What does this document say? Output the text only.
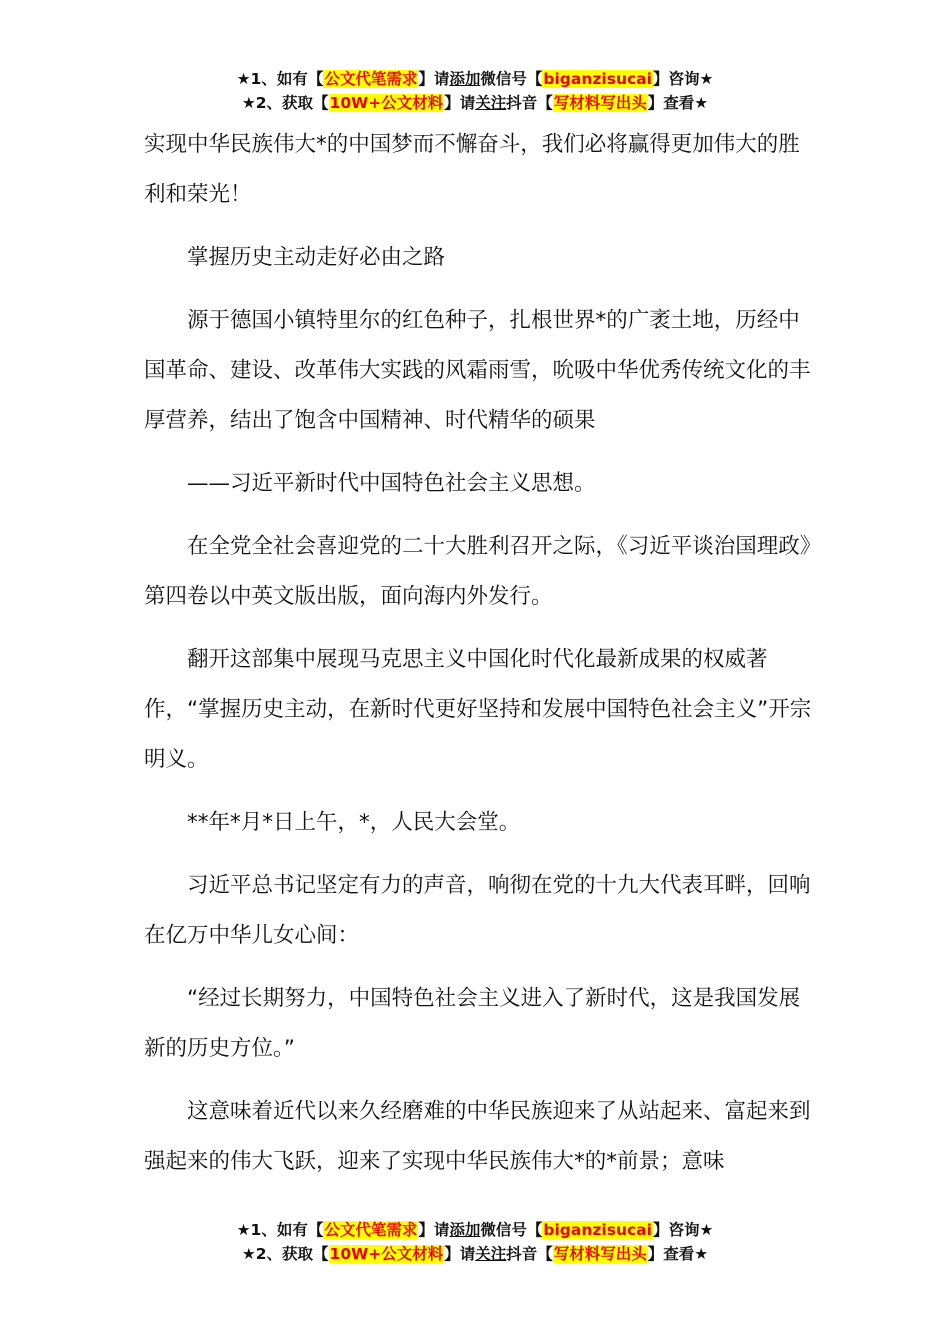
★1、如有【公文代笔需求】请添加微信号【biganzisucai】咨询★
★2、获取【10W+公文材料】请关注抖音【写材料写出头】查看★

实现中华民族伟大*的中国梦而不懈奋斗，我们必将赢得更加伟大的胜利和荣光！

掌握历史主动走好必由之路

源于德国小镇特里尔的红色种子，扎根世界*的广袤土地，历经中国革命、建设、改革伟大实践的风霜雨雪，吮吸中华优秀传统文化的丰厚营养，结出了饱含中国精神、时代精华的硕果

——习近平新时代中国特色社会主义思想。

在全党全社会喜迎党的二十大胜利召开之际，《习近平谈治国理政》第四卷以中英文版出版，面向海内外发行。

翻开这部集中展现马克思主义中国化时代化最新成果的权威著作，“掌握历史主动，在新时代更好坚持和发展中国特色社会主义”开宗明义。

**年*月*日上午，*，人民大会堂。

习近平总书记坚定有力的声音，响彻在党的十九大代表耳畔，回响在亿万中华儿女心间：

“经过长期努力，中国特色社会主义进入了新时代，这是我国发展新的历史方位。”

这意味着近代以来久经磨难的中华民族迎来了从站起来、富起来到强起来的伟大飞跃，迎来了实现中华民族伟大*的*前景；意味

★1、如有【公文代笔需求】请添加微信号【biganzisucai】咨询★
★2、获取【10W+公文材料】请关注抖音【写材料写出头】查看★
